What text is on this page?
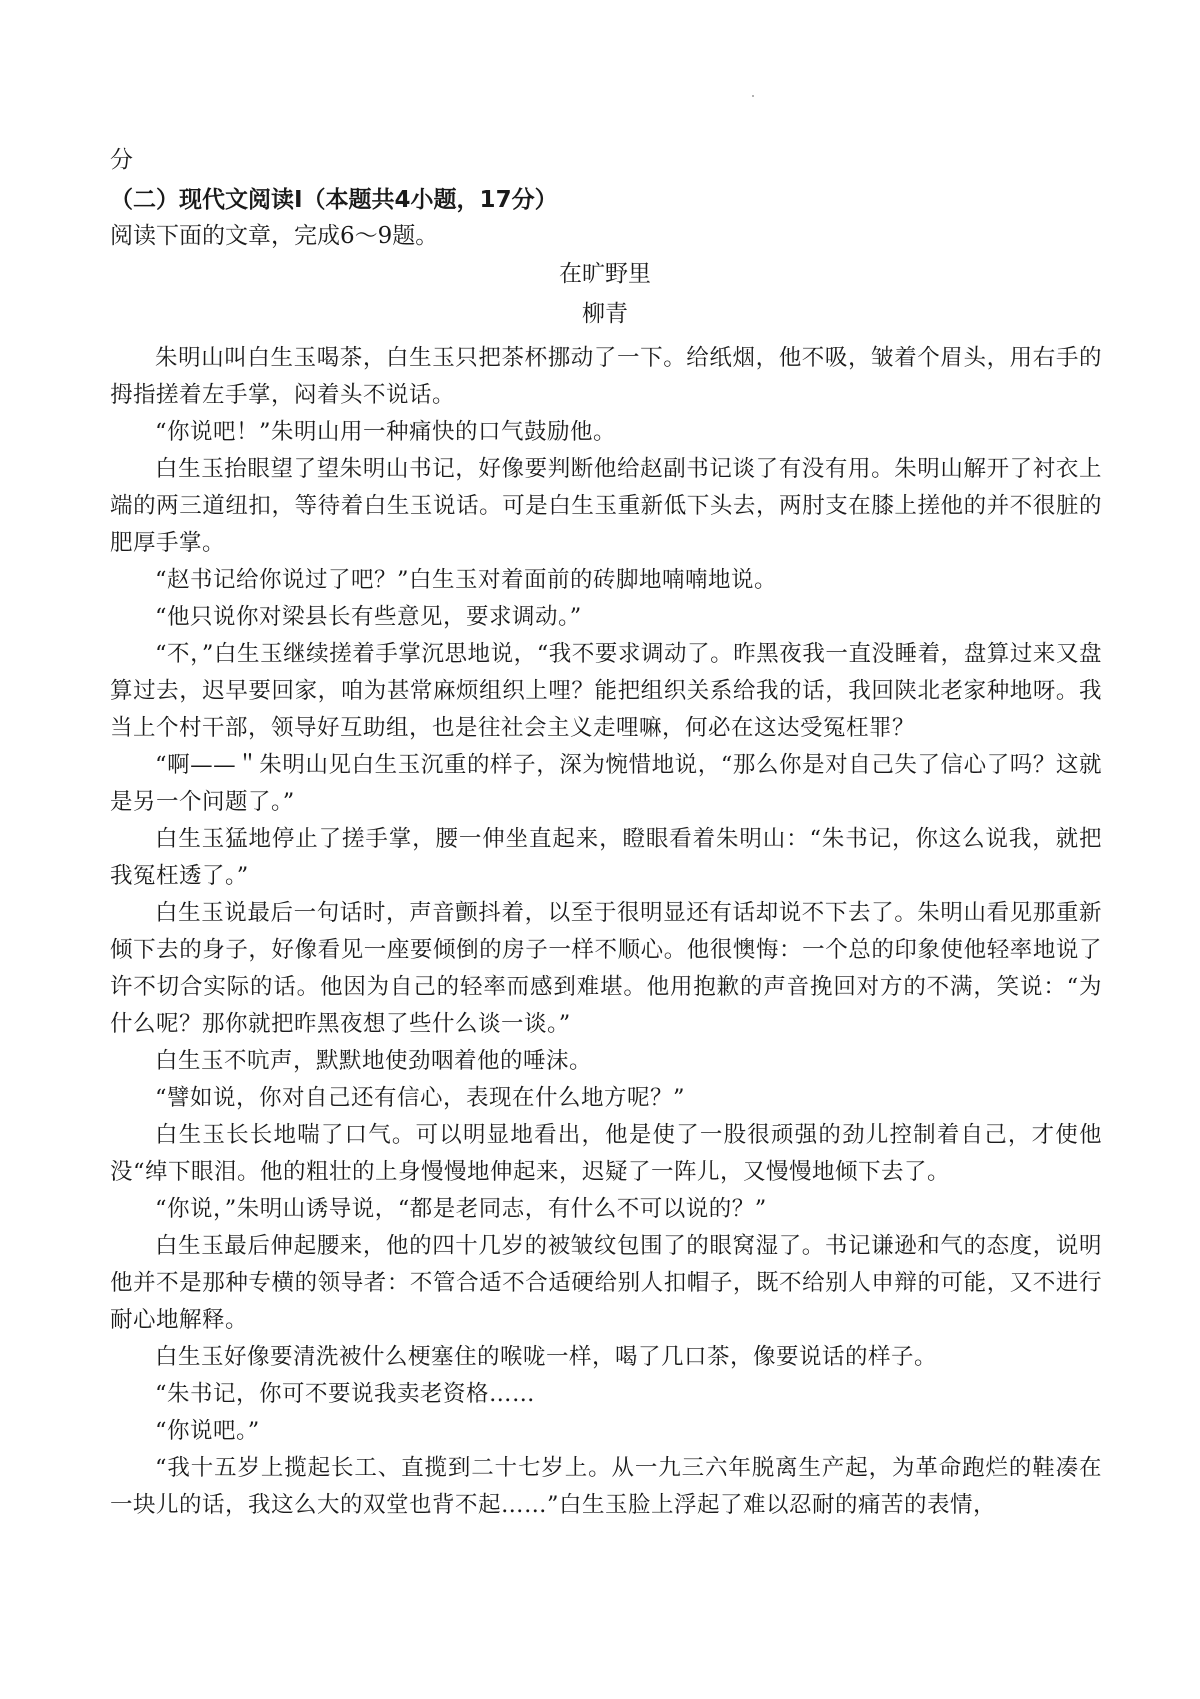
分
（二）现代文阅读Ⅰ（本题共4小题，17分）
阅读下面的文章，完成6～9题。
在旷野里
柳青

朱明山叫白生玉喝茶，白生玉只把茶杯挪动了一下。给纸烟，他不吸，皱着个眉头，用右手的拇指搓着左手掌，闷着头不说话。

“你说吧！”朱明山用一种痛快的口气鼓励他。

白生玉抬眼望了望朱明山书记，好像要判断他给赵副书记谈了有没有用。朱明山解开了衬衣上端的两三道纽扣，等待着白生玉说话。可是白生玉重新低下头去，两肘支在膝上搓他的并不很脏的肥厚手掌。

“赵书记给你说过了吧？”白生玉对着面前的砖脚地喃喃地说。

“他只说你对梁县长有些意见，要求调动。”

“不，”白生玉继续搓着手掌沉思地说，“我不要求调动了。昨黑夜我一直没睡着，盘算过来又盘算过去，迟早要回家，咱为甚常麻烦组织上哩？能把组织关系给我的话，我回陕北老家种地呀。我当上个村干部，领导好互助组，也是往社会主义走哩嘛，何必在这达受冤枉罪？

“啊——＂朱明山见白生玉沉重的样子，深为惋惜地说，“那么你是对自己失了信心了吗？这就是另一个问题了。”

白生玉猛地停止了搓手掌，腰一伸坐直起来，瞪眼看着朱明山：“朱书记，你这么说我，就把我冤枉透了。”

白生玉说最后一句话时，声音颤抖着，以至于很明显还有话却说不下去了。朱明山看见那重新倾下去的身子，好像看见一座要倾倒的房子一样不顺心。他很懊悔：一个总的印象使他轻率地说了许不切合实际的话。他因为自己的轻率而感到难堪。他用抱歉的声音挽回对方的不满，笑说：“为什么呢？那你就把昨黑夜想了些什么谈一谈。”

白生玉不吭声，默默地使劲咽着他的唾沫。

“譬如说，你对自己还有信心，表现在什么地方呢？”

白生玉长长地喘了口气。可以明显地看出，他是使了一股很顽强的劲儿控制着自己，才使他没“绰下眼泪。他的粗壮的上身慢慢地伸起来，迟疑了一阵儿，又慢慢地倾下去了。

“你说，”朱明山诱导说，“都是老同志，有什么不可以说的？”

白生玉最后伸起腰来，他的四十几岁的被皱纹包围了的眼窝湿了。书记谦逊和气的态度，说明他并不是那种专横的领导者：不管合适不合适硬给别人扣帽子，既不给别人申辩的可能，又不进行耐心地解释。

白生玉好像要清洗被什么梗塞住的喉咙一样，喝了几口茶，像要说话的样子。

“朱书记，你可不要说我卖老资格……

“你说吧。”

“我十五岁上揽起长工、直揽到二十七岁上。从一九三六年脱离生产起，为革命跑烂的鞋凑在一块儿的话，我这么大的双堂也背不起……”白生玉脸上浮起了难以忍耐的痛苦的表情，
